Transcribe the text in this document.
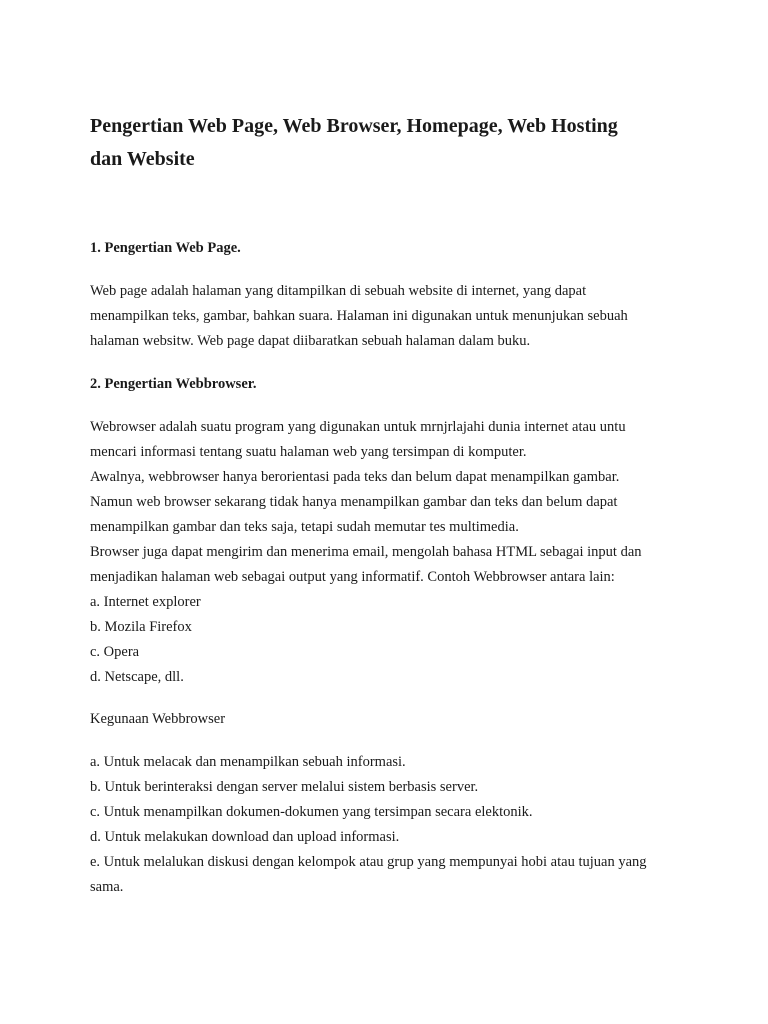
Pengertian Web Page, Web Browser, Homepage, Web Hosting
dan Website
1. Pengertian Web Page.

Web page adalah halaman yang ditampilkan di sebuah website di internet, yang dapat
menampilkan teks, gambar, bahkan suara. Halaman ini digunakan untuk menunjukan sebuah
halaman websitw. Web page dapat diibaratkan sebuah halaman dalam buku.

2. Pengertian Webbrowser.

Webrowser adalah suatu program yang digunakan untuk mrnjrlajahi dunia internet atau untu
mencari informasi tentang suatu halaman web yang tersimpan di komputer.
Awalnya, webbrowser hanya berorientasi pada teks dan belum dapat menampilkan gambar.
Namun web browser sekarang tidak hanya menampilkan gambar dan teks dan belum dapat
menampilkan gambar dan teks saja, tetapi sudah memutar tes multimedia.
Browser juga dapat mengirim dan menerima email, mengolah bahasa HTML sebagai input dan
menjadikan halaman web sebagai output yang informatif. Contoh Webbrowser antara lain:
a. Internet explorer
b. Mozila Firefox
c. Opera
d. Netscape, dll.

Kegunaan Webbrowser

a. Untuk melacak dan menampilkan sebuah informasi.
b. Untuk berinteraksi dengan server melalui sistem berbasis server.
c. Untuk menampilkan dokumen-dokumen yang tersimpan secara elektonik.
d. Untuk melakukan download dan upload informasi.
e. Untuk melalukan diskusi dengan kelompok atau grup yang mempunyai hobi atau tujuan yang
sama.
